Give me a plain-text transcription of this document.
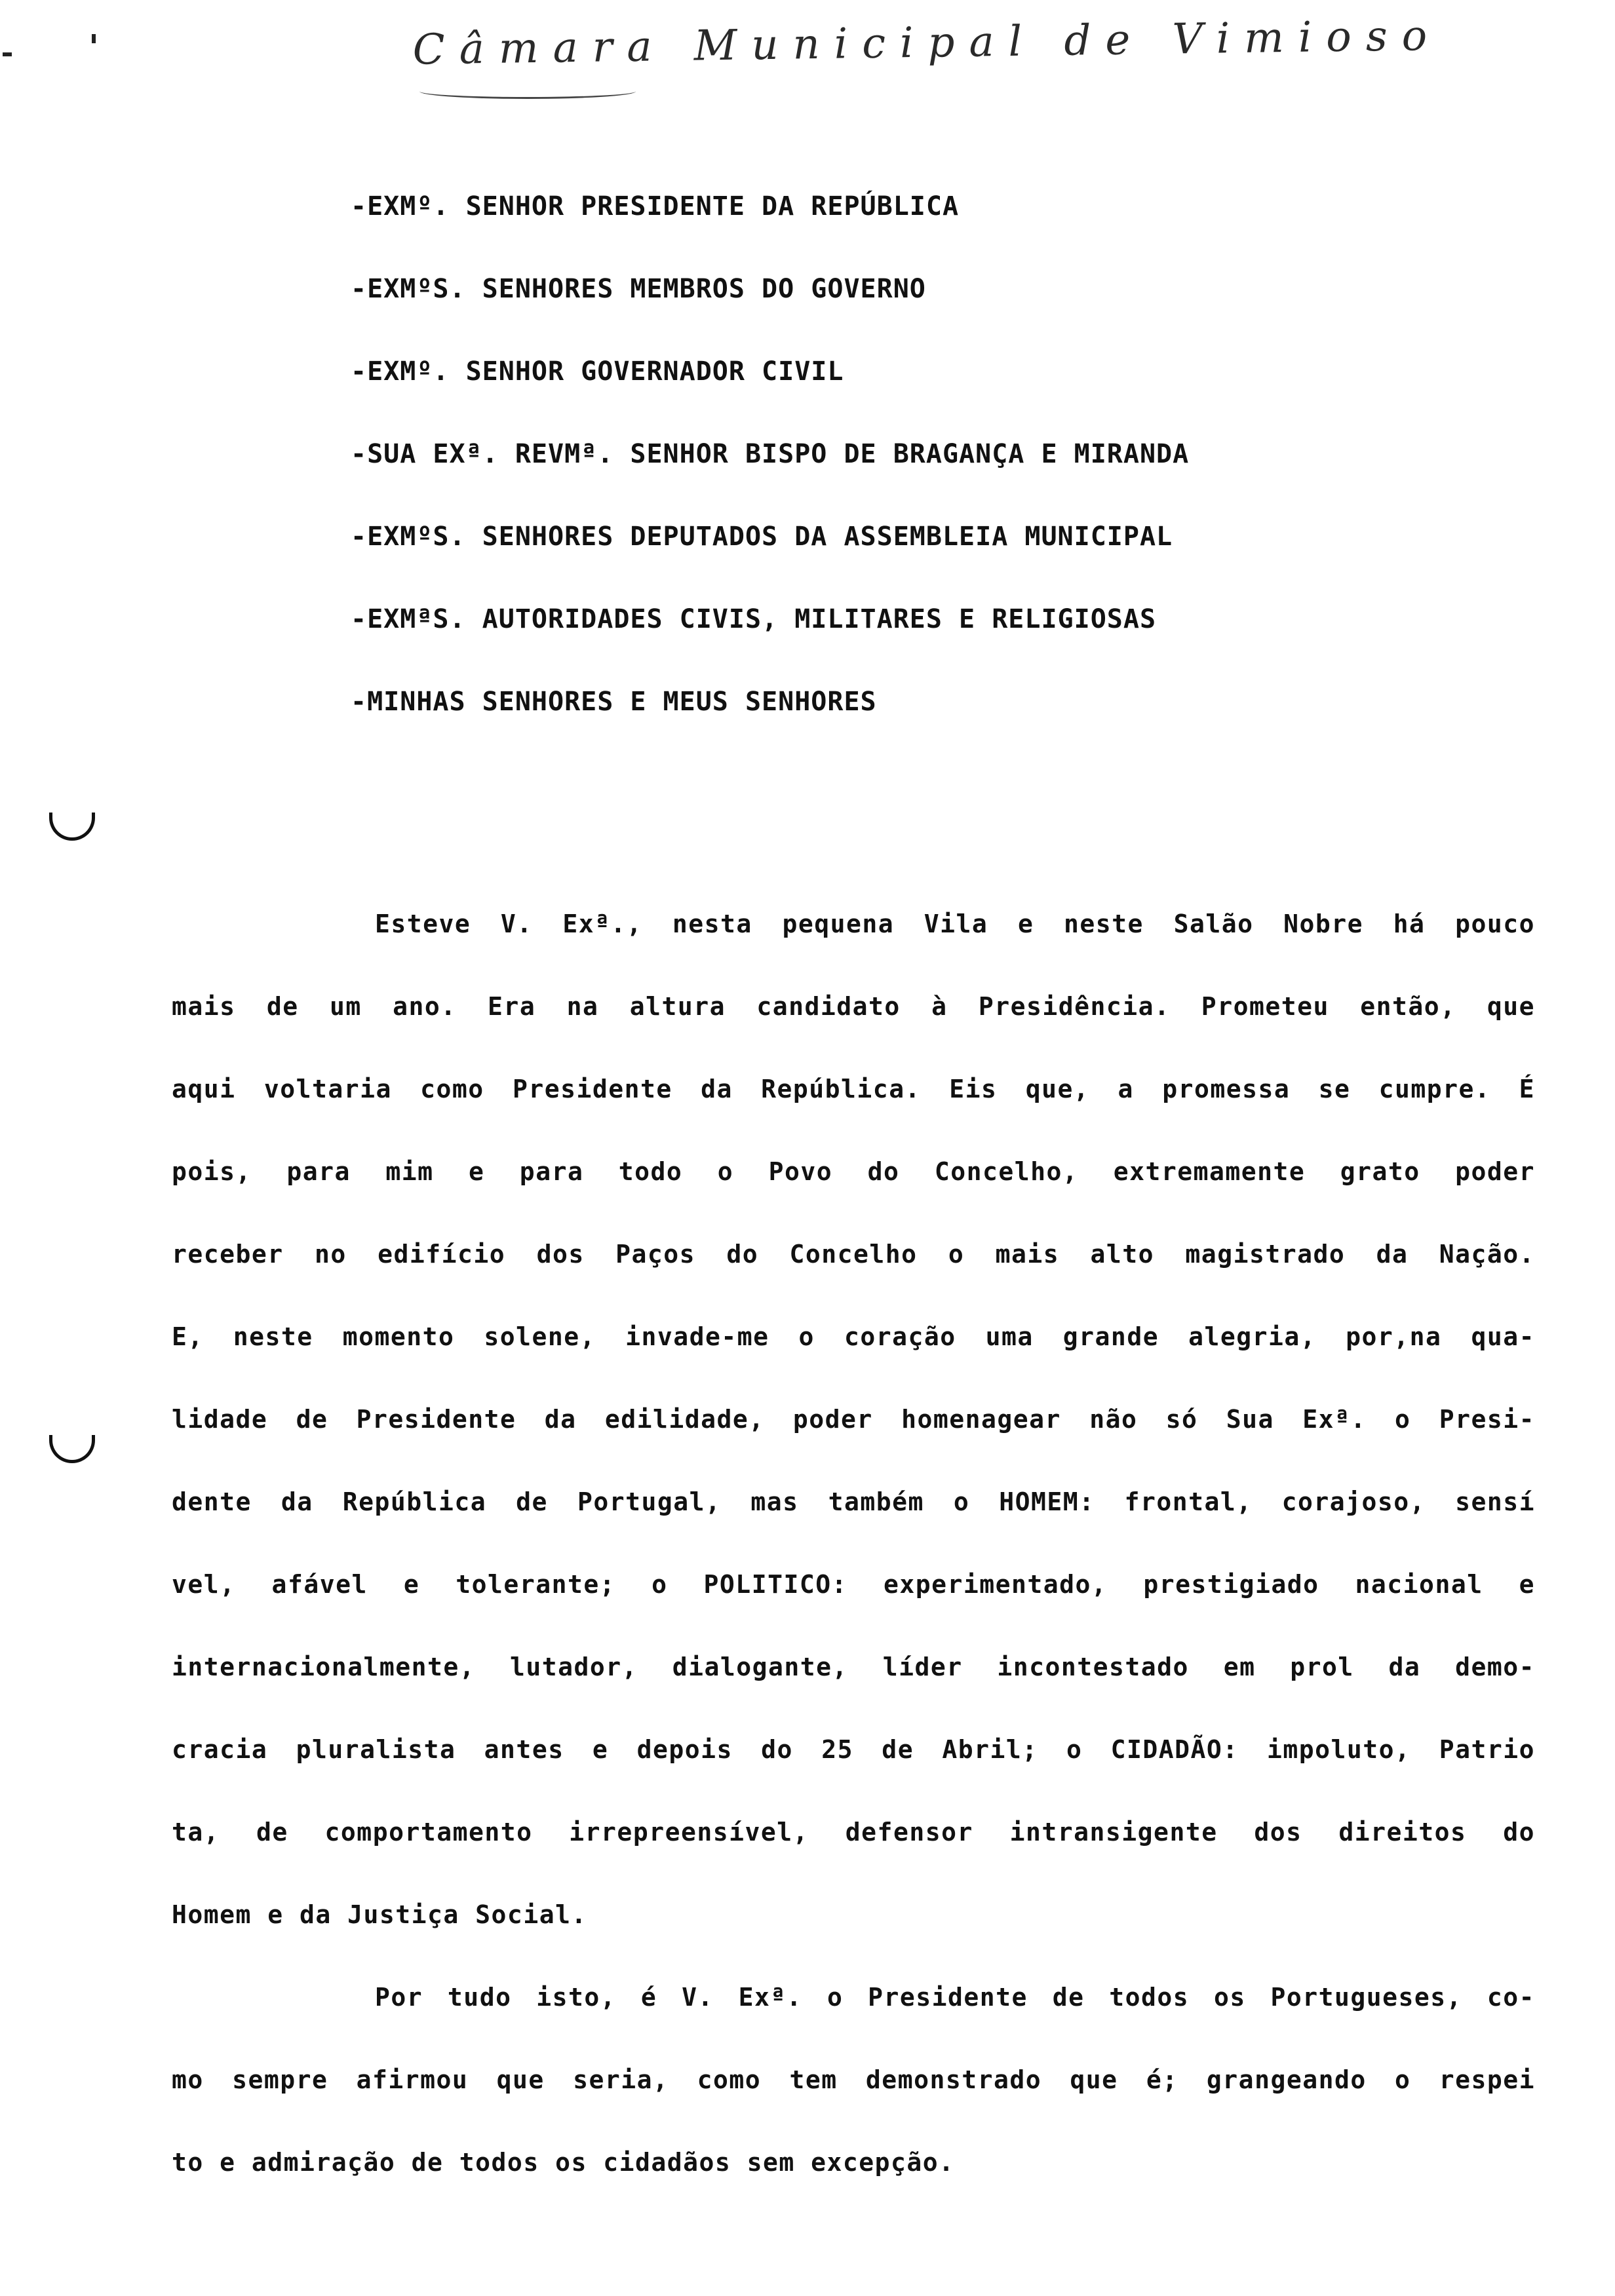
Câmara Municipal de Vimioso
-EXMº. SENHOR PRESIDENTE DA REPÚBLICA
-EXMºS. SENHORES MEMBROS DO GOVERNO
-EXMº. SENHOR GOVERNADOR CIVIL
-SUA EXª. REVMª. SENHOR BISPO DE BRAGANÇA E MIRANDA
-EXMºS. SENHORES DEPUTADOS DA ASSEMBLEIA MUNICIPAL
-EXMªS. AUTORIDADES CIVIS, MILITARES E RELIGIOSAS
-MINHAS SENHORES E MEUS SENHORES
Esteve V. Exª., nesta pequena Vila e neste Salão Nobre há pouco
mais de um ano. Era na altura candidato à Presidência. Prometeu então, que
aqui voltaria como Presidente da República. Eis que, a promessa se cumpre. É
pois, para mim e para todo o Povo do Concelho, extremamente grato poder
receber no edifício dos Paços do Concelho o mais alto magistrado da Nação.
E, neste momento solene, invade-me o coração uma grande alegria, por,na qua-
lidade de Presidente da edilidade, poder homenagear não só Sua Exª. o Presi-
dente da República de Portugal, mas também o HOMEM: frontal, corajoso, sensí
vel, afável e tolerante; o POLITICO: experimentado, prestigiado nacional e
internacionalmente, lutador, dialogante, líder incontestado em prol da demo-
cracia pluralista antes e depois do 25 de Abril; o CIDADÃO: impoluto, Patrio
ta, de comportamento irrepreensível, defensor intransigente dos direitos do
Homem e da Justiça Social.
Por tudo isto, é V. Exª. o Presidente de todos os Portugueses, co-
mo sempre afirmou que seria, como tem demonstrado que é; grangeando o respei
to e admiração de todos os cidadãos sem excepção.
